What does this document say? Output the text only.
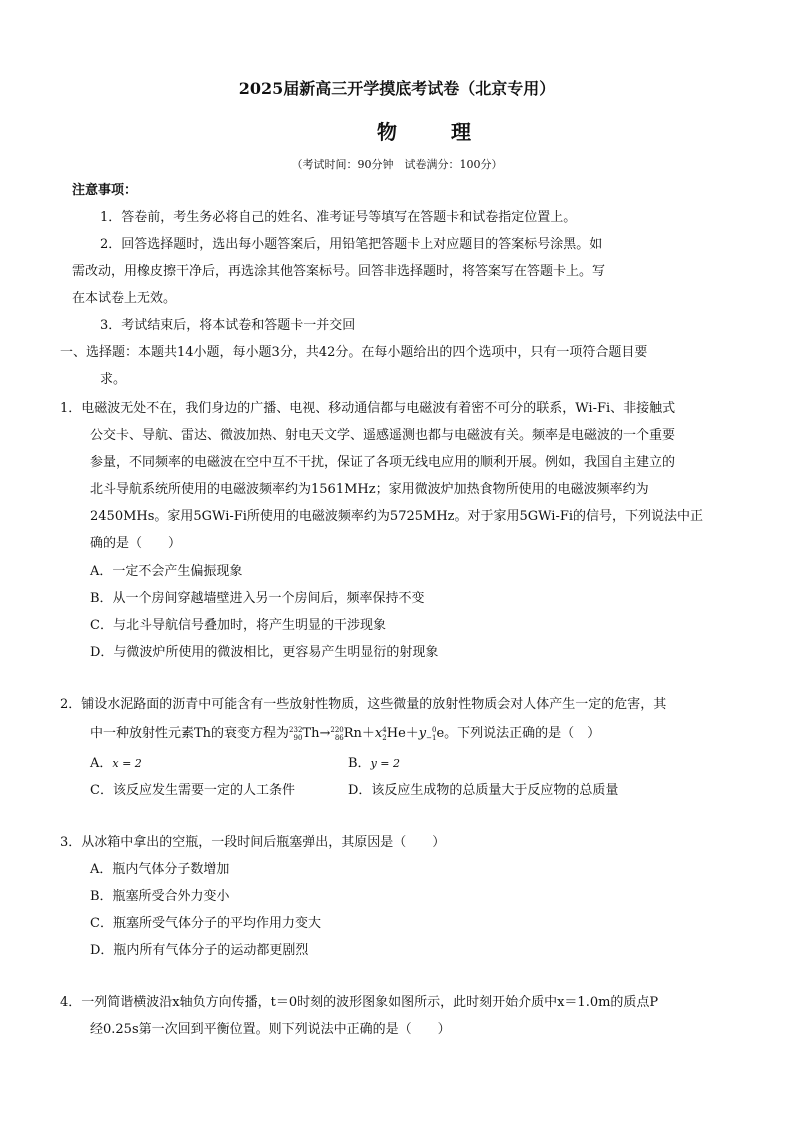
2025届新高三开学摸底考试卷（北京专用）
物理
（考试时间：90分钟　试卷满分：100分）
注意事项：
1．答卷前，考生务必将自己的姓名、准考证号等填写在答题卡和试卷指定位置上。
2．回答选择题时，选出每小题答案后，用铅笔把答题卡上对应题目的答案标号涂黑。如
需改动，用橡皮擦干净后，再选涂其他答案标号。回答非选择题时，将答案写在答题卡上。写
在本试卷上无效。
3．考试结束后，将本试卷和答题卡一并交回
一、选择题：本题共14小题，每小题3分，共42分。在每小题给出的四个选项中，只有一项符合题目要
求。
1．电磁波无处不在，我们身边的广播、电视、移动通信都与电磁波有着密不可分的联系，Wi-Fi、非接触式
公交卡、导航、雷达、微波加热、射电天文学、遥感遥测也都与电磁波有关。频率是电磁波的一个重要
参量，不同频率的电磁波在空中互不干扰，保证了各项无线电应用的顺利开展。例如，我国自主建立的
北斗导航系统所使用的电磁波频率约为1561MHz；家用微波炉加热食物所使用的电磁波频率约为
2450MHs。家用5GWi-Fi所使用的电磁波频率约为5725MHz。对于家用5GWi-Fi的信号，下列说法中正
确的是（　　）
A．一定不会产生偏振现象
B．从一个房间穿越墙壁进入另一个房间后，频率保持不变
C．与北斗导航信号叠加时，将产生明显的干涉现象
D．与微波炉所使用的微波相比，更容易产生明显衍的射现象
2．铺设水泥路面的沥青中可能含有一些放射性物质，这些微量的放射性物质会对人体产生一定的危害，其
中一种放射性元素Th的衰变方程为 232
90 Th→ 220
86 Rn＋x 4
2 He＋y 0
−1 e。下列说法正确的是（　）
A．x = 2	B．y = 2
C．该反应发生需要一定的人工条件	D．该反应生成物的总质量大于反应物的总质量
3．从冰箱中拿出的空瓶，一段时间后瓶塞弹出，其原因是（　　）
A．瓶内气体分子数增加
B．瓶塞所受合外力变小
C．瓶塞所受气体分子的平均作用力变大
D．瓶内所有气体分子的运动都更剧烈
4．一列简谐横波沿x轴负方向传播，t＝0时刻的波形图象如图所示，此时刻开始介质中x＝1.0m的质点P
经0.25s第一次回到平衡位置。则下列说法中正确的是（　　）
